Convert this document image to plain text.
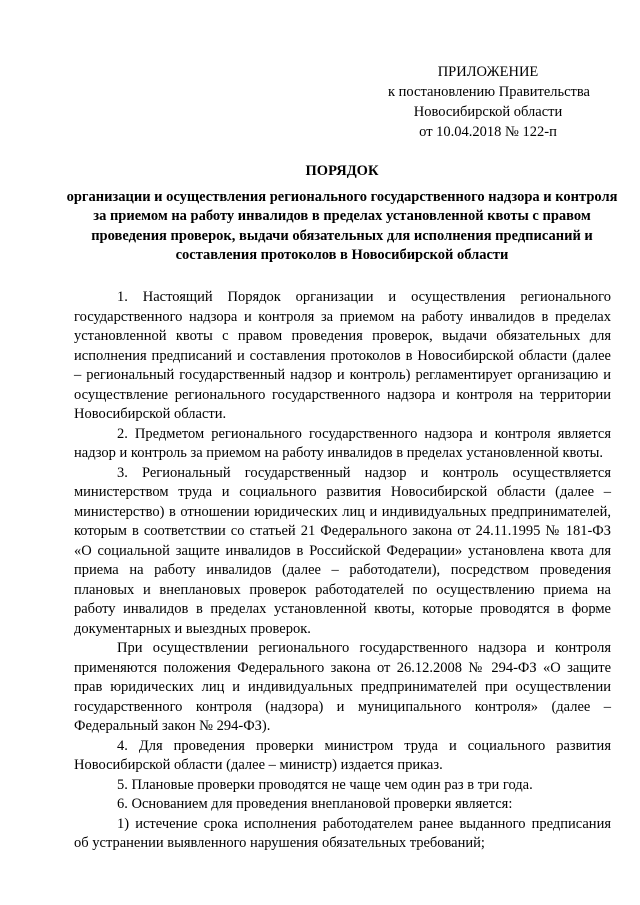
ПРИЛОЖЕНИЕ
к постановлению Правительства
Новосибирской области
от 10.04.2018 № 122-п
ПОРЯДОК
организации и осуществления регионального государственного надзора и контроля за приемом на работу инвалидов в пределах установленной квоты с правом проведения проверок, выдачи обязательных для исполнения предписаний и составления протоколов в Новосибирской области

1. Настоящий Порядок организации и осуществления регионального государственного надзора и контроля за приемом на работу инвалидов в пределах установленной квоты с правом проведения проверок, выдачи обязательных для исполнения предписаний и составления протоколов в Новосибирской области (далее – региональный государственный надзор и контроль) регламентирует организацию и осуществление регионального государственного надзора и контроля на территории Новосибирской области.

2. Предметом регионального государственного надзора и контроля является надзор и контроль за приемом на работу инвалидов в пределах установленной квоты.

3. Региональный государственный надзор и контроль осуществляется министерством труда и социального развития Новосибирской области (далее – министерство) в отношении юридических лиц и индивидуальных предпринимателей, которым в соответствии со статьей 21 Федерального закона от 24.11.1995 № 181-ФЗ «О социальной защите инвалидов в Российской Федерации» установлена квота для приема на работу инвалидов (далее – работодатели), посредством проведения плановых и внеплановых проверок работодателей по осуществлению приема на работу инвалидов в пределах установленной квоты, которые проводятся в форме документарных и выездных проверок.

При осуществлении регионального государственного надзора и контроля применяются положения Федерального закона от 26.12.2008 № 294-ФЗ «О защите прав юридических лиц и индивидуальных предпринимателей при осуществлении государственного контроля (надзора) и муниципального контроля» (далее – Федеральный закон № 294-ФЗ).

4. Для проведения проверки министром труда и социального развития Новосибирской области (далее – министр) издается приказ.

5. Плановые проверки проводятся не чаще чем один раз в три года.

6. Основанием для проведения внеплановой проверки является:

1) истечение срока исполнения работодателем ранее выданного предписания об устранении выявленного нарушения обязательных требований;
